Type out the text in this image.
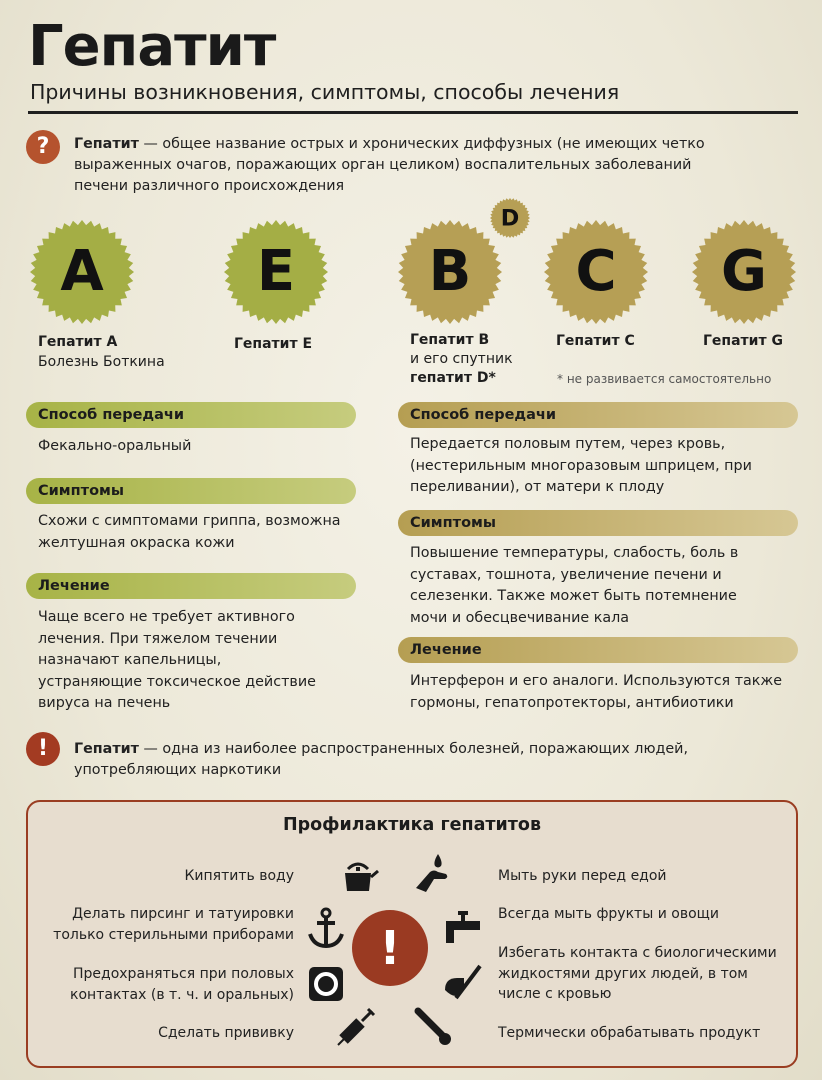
Гепатит
Причины возникновения, симптомы, способы лечения
?	Гепатит — общее название острых и хронических диффузных (не имеющих четко выраженных очагов, поражающих орган целиком) воспалительных заболеваний печени различного происхождения
A	E B
D
C G
Гепатит A
Болезнь Боткина
Гепатит E	Гепатит B
и его спутник
гепатит D*
Гепатит C	Гепатит G
* не развивается самостоятельно
Способ передачи
Фекально-оральный
Симптомы
Схожи с симптомами гриппа, возможна желтушная окраска кожи
Лечение
Чаще всего не требует активного лечения. При тяжелом течении назначают капельницы, устраняющие токсическое действие вируса на печень
Способ передачи
Передается половым путем, через кровь, (нестерильным многоразовым шприцем, при переливании), от матери к плоду
Симптомы
Повышение температуры, слабость, боль в суставах, тошнота, увеличение печени и селезенки. Также может быть потемнение мочи и обесцвечивание кала
Лечение
Интерферон и его аналоги. Используются также гормоны, гепатопротекторы, антибиотики
!	Гепатит — одна из наиболее распространенных болезней, поражающих людей, употребляющих наркотики
Профилактика гепатитов
!
Кипятить воду
Делать пирсинг и татуировки только стерильными приборами
Предохраняться при половых контактах (в т. ч. и оральных)
Сделать прививку
Мыть руки перед едой
Всегда мыть фрукты и овощи
Избегать контакта с биологическими жидкостями других людей, в том числе с кровью
Термически обрабатывать продукт
